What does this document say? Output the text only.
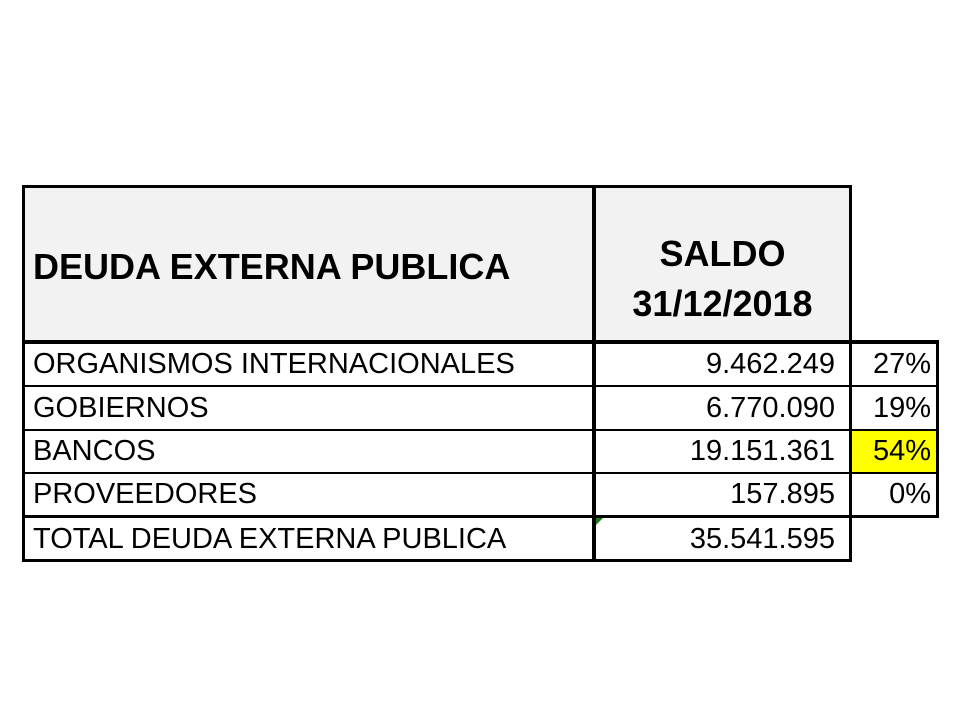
DEUDA EXTERNA PUBLICA	SALDO
31/12/2018
ORGANISMOS INTERNACIONALES	9.462.249	27%
GOBIERNOS	6.770.090	19%
BANCOS	19.151.361	54%
PROVEEDORES	157.895	0%
TOTAL DEUDA EXTERNA PUBLICA	35.541.595
